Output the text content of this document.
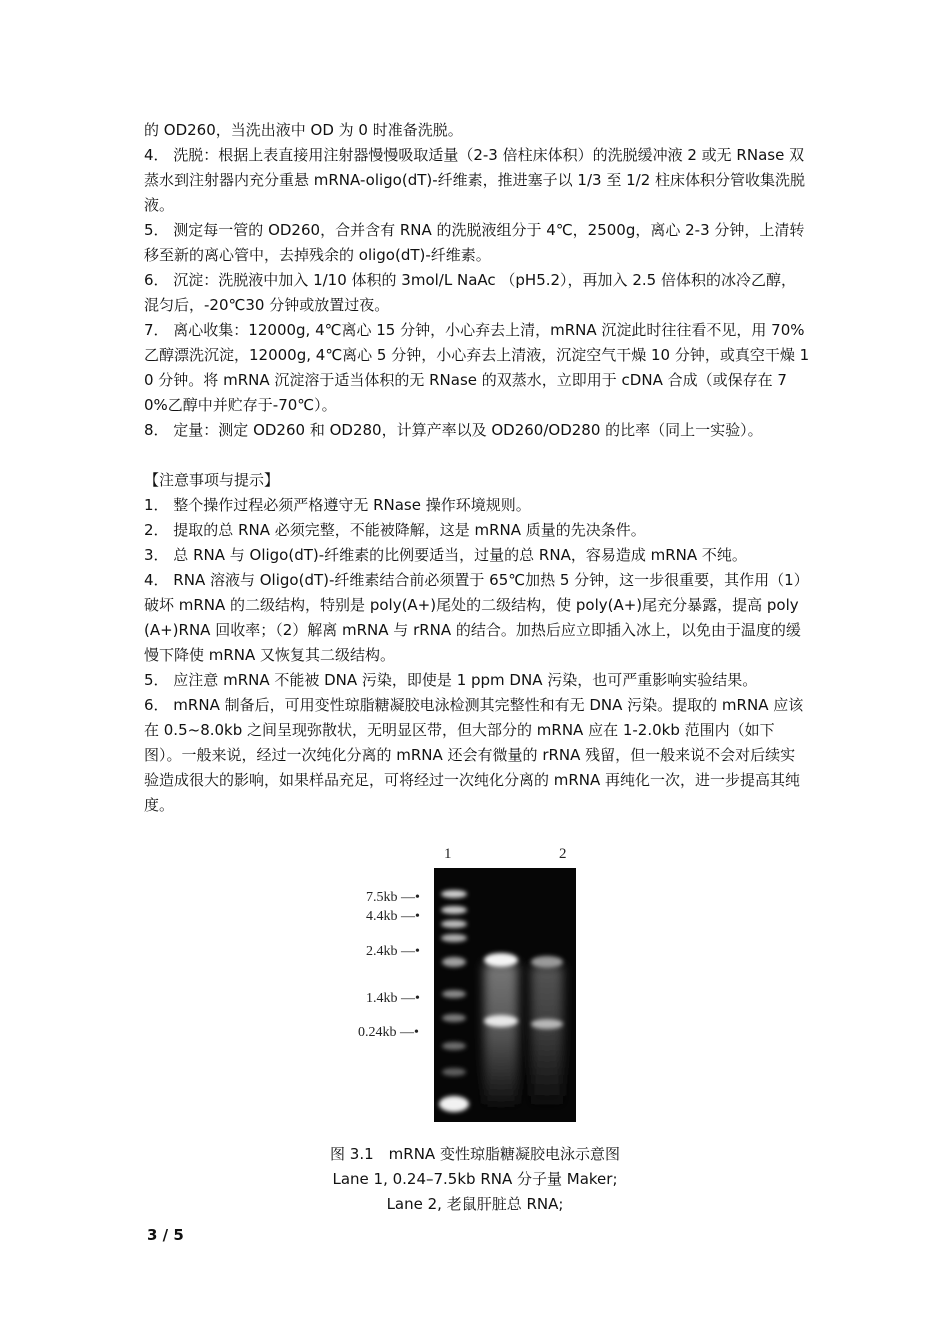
的 OD260，当洗出液中 OD 为 0 时准备洗脱。

4． 洗脱：根据上表直接用注射器慢慢吸取适量（2-3 倍柱床体积）的洗脱缓冲液 2 或无 RNase 双蒸水到注射器内充分重悬 mRNA-oligo(dT)-纤维素，推进塞子以 1/3 至 1/2 柱床体积分管收集洗脱液。

5． 测定每一管的 OD260，合并含有 RNA 的洗脱液组分于 4℃，2500g，离心 2-3 分钟，上清转移至新的离心管中，去掉残余的 oligo(dT)-纤维素。

6． 沉淀：洗脱液中加入 1/10 体积的 3mol/L NaAc （pH5.2），再加入 2.5 倍体积的冰冷乙醇，混匀后，-20℃30 分钟或放置过夜。

7． 离心收集：12000g, 4℃离心 15 分钟，小心弃去上清，mRNA 沉淀此时往往看不见，用 70%乙醇漂洗沉淀，12000g, 4℃离心 5 分钟，小心弃去上清液，沉淀空气干燥 10 分钟，或真空干燥 10 分钟。将 mRNA 沉淀溶于适当体积的无 RNase 的双蒸水，立即用于 cDNA 合成（或保存在 70%乙醇中并贮存于-70℃）。

8． 定量：测定 OD260 和 OD280，计算产率以及 OD260/OD280 的比率（同上一实验）。

【注意事项与提示】

1． 整个操作过程必须严格遵守无 RNase 操作环境规则。

2． 提取的总 RNA 必须完整，不能被降解，这是 mRNA 质量的先决条件。

3． 总 RNA 与 Oligo(dT)-纤维素的比例要适当，过量的总 RNA，容易造成 mRNA 不纯。

4． RNA 溶液与 Oligo(dT)-纤维素结合前必须置于 65℃加热 5 分钟，这一步很重要，其作用（1）破坏 mRNA 的二级结构，特别是 poly(A+)尾处的二级结构，使 poly(A+)尾充分暴露，提高 poly(A+)RNA 回收率；（2）解离 mRNA 与 rRNA 的结合。加热后应立即插入冰上，以免由于温度的缓慢下降使 mRNA 又恢复其二级结构。

5． 应注意 mRNA 不能被 DNA 污染，即使是 1 ppm DNA 污染，也可严重影响实验结果。

6． mRNA 制备后，可用变性琼脂糖凝胶电泳检测其完整性和有无 DNA 污染。提取的 mRNA 应该在 0.5~8.0kb 之间呈现弥散状，无明显区带，但大部分的 mRNA 应在 1-2.0kb 范围内（如下图）。一般来说，经过一次纯化分离的 mRNA 还会有微量的 rRNA 残留，但一般来说不会对后续实验造成很大的影响，如果样品充足，可将经过一次纯化分离的 mRNA 再纯化一次，进一步提高其纯度。

1	2
7.5kb —•
4.4kb —•
2.4kb —•
1.4kb —•
0.24kb —•
图 3.1　mRNA 变性琼脂糖凝胶电泳示意图
Lane 1, 0.24–7.5kb RNA 分子量 Maker;
Lane 2, 老鼠肝脏总 RNA;
3 / 5
